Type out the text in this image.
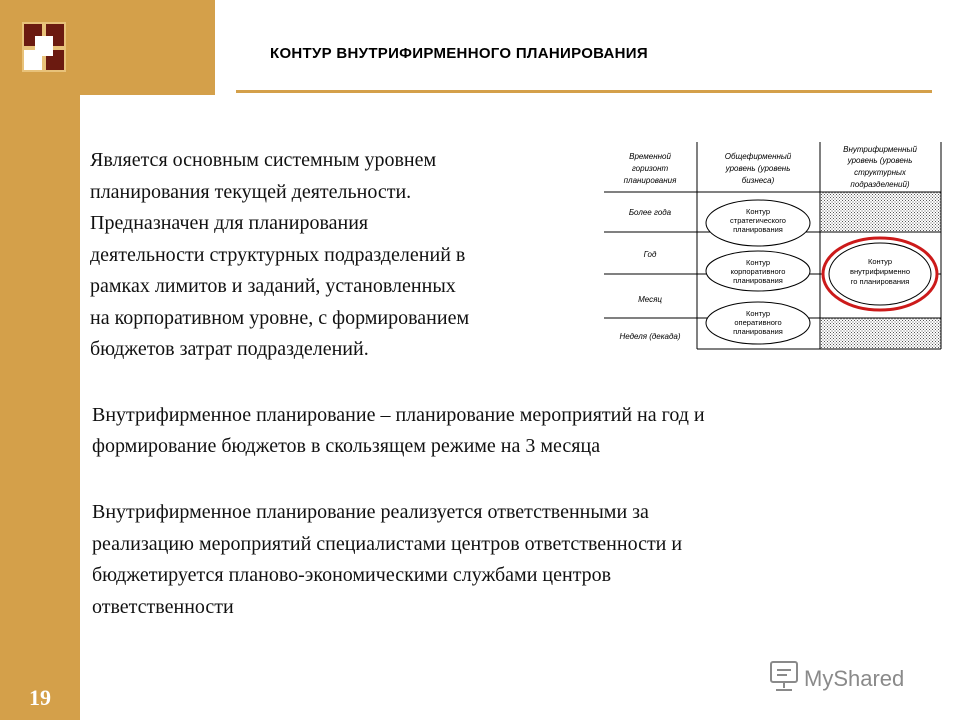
19
КОНТУР ВНУТРИФИРМЕННОГО ПЛАНИРОВАНИЯ
Является основным системным уровнем
планирования текущей деятельности.
Предназначен для планирования
деятельности структурных подразделений в
рамках лимитов и заданий, установленных
на корпоративном уровне, с формированием
бюджетов затрат подразделений.
Временной
горизонт
планирования
Общефирменный
уровень (уровень
бизнеса)
Внутрифирменный
уровень (уровень
структурных
подразделений)
Более года
Год
Месяц
Неделя (декада)
Контур
стратегического
планирования
Контур
корпоративного
планирования
Контур
оперативного
планирования
Контур
внутрифирменно
го планирования
Внутрифирменное планирование – планирование мероприятий на год и
формирование бюджетов в скользящем режиме на 3 месяца
Внутрифирменное планирование реализуется ответственными за
реализацию мероприятий специалистами центров ответственности и
бюджетируется планово-экономическими службами центров
ответственности
MyShared
